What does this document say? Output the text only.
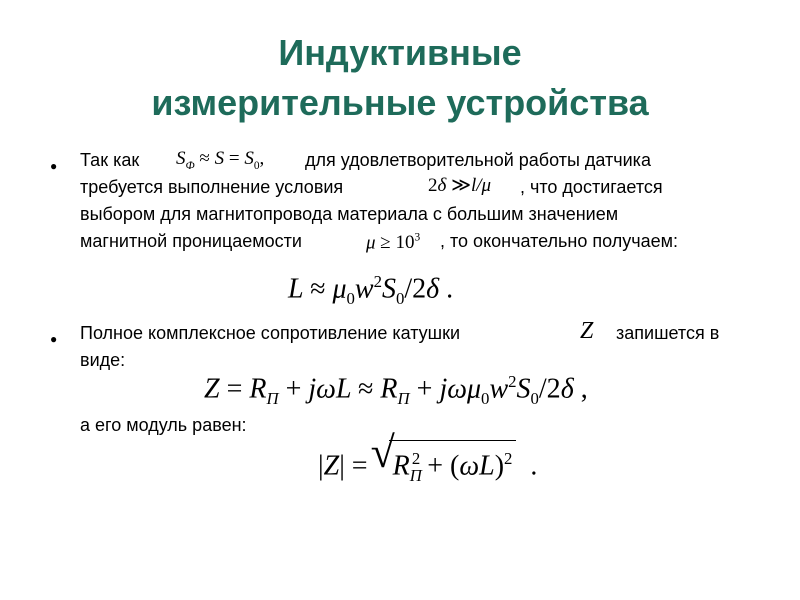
Индуктивные
измерительные устройства
● Так как $S_Ф \approx S = S_0$, для удовлетворительной работы датчика
требуется выполнение условия	2δ ≫l/μ , что достигается
выбором для магнитопровода материала с большим значением
магнитной проницаемости	$\mu \ge 10^3$ , то окончательно получаем:
$L \approx \mu_0w^2S_0/2\delta$ .
● Полное комплексное сопротивление катушки	Z запишется в
виде:
$Z = R_П + j\omega L \approx R_П + j\omega\mu_0w^2S_0/2\delta$ ,
а его модуль равен:
|Z| = √
$R_П^2 + (\omega L)^2$  .
